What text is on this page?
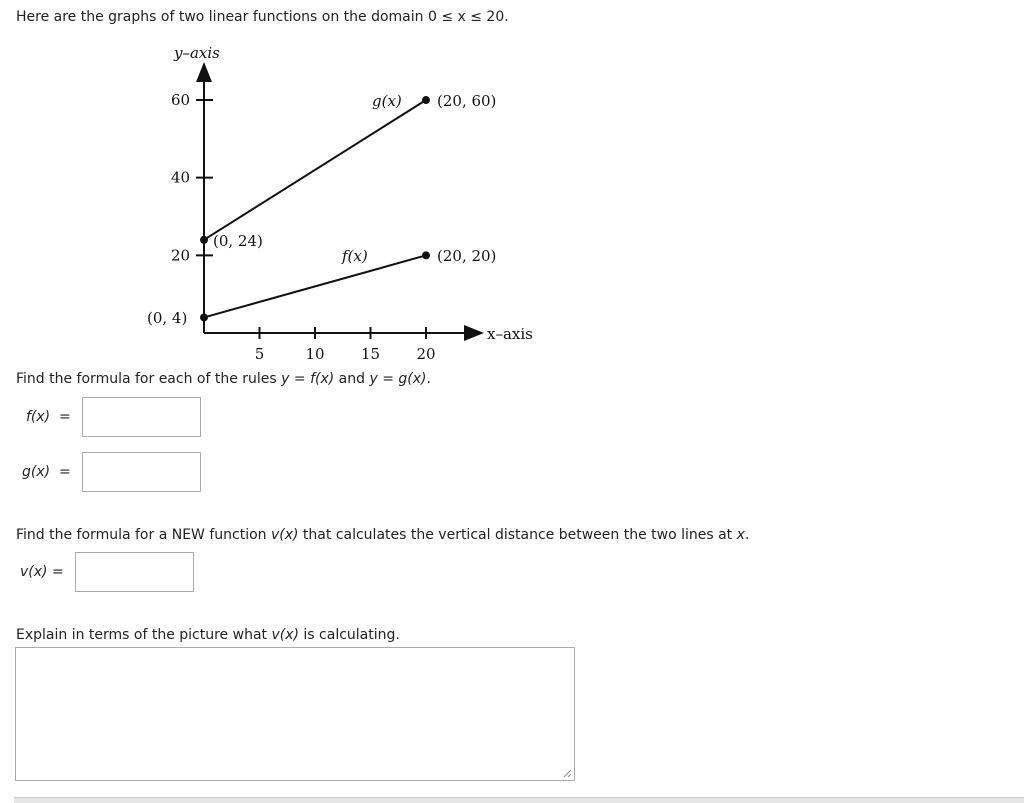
Here are the graphs of two linear functions on the domain 0 ≤ x ≤ 20.
y–axis
x–axis
20
40
60
5	10 15 20
g(x)
f(x)
(20, 60)
(20, 20)
(0, 24)
(0, 4)
Find the formula for each of the rules y = f(x) and y = g(x).
f(x) =
g(x) =
Find the formula for a NEW function v(x) that calculates the vertical distance between the two lines at x.
v(x) =
Explain in terms of the picture what v(x) is calculating.
